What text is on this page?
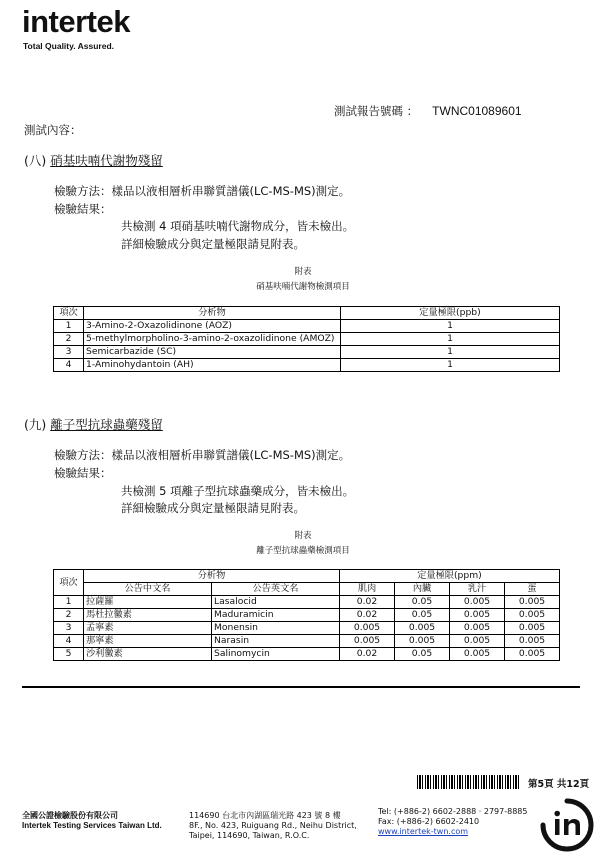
intertek
Total Quality. Assured.
測試報告號碼 ： TWNC01089601
測試內容：
(八) 硝基呋喃代謝物殘留
檢驗方法：樣品以液相層析串聯質譜儀(LC-MS-MS)測定。
檢驗結果：
共檢測 4 項硝基呋喃代謝物成分，皆未檢出。
詳細檢驗成分與定量極限請見附表。
附表
硝基呋喃代謝物檢測項目
項次	分析物	定量極限(ppb)
1	3-Amino-2-Oxazolidinone (AOZ)	1
2	5-methylmorpholino-3-amino-2-oxazolidinone (AMOZ)	1
3	Semicarbazide (SC)	1
4	1-Aminohydantoin (AH)	1
(九) 離子型抗球蟲藥殘留
檢驗方法：樣品以液相層析串聯質譜儀(LC-MS-MS)測定。
檢驗結果：
共檢測 5 項離子型抗球蟲藥成分，皆未檢出。
詳細檢驗成分與定量極限請見附表。
附表
離子型抗球蟲藥檢測項目
項次	分析物		定量極限(ppm)			
	公告中文名	公告英文名	肌肉	內臟	乳汁	蛋
1	拉薩羅	Lasalocid	0.02	0.05	0.005	0.005
2	馬杜拉黴素	Maduramicin	0.02	0.05	0.005	0.005
3	孟寧素	Monensin	0.005	0.005	0.005	0.005
4	那寧素	Narasin	0.005	0.005	0.005	0.005
5	沙利黴素	Salinomycin	0.02	0.05	0.005	0.005
第5頁 共12頁
全國公證檢驗股份有限公司
Intertek Testing Services Taiwan Ltd.
114690 台北市內湖區瑞光路 423 號 8 樓
8F., No. 423, Ruiguang Rd., Neihu District,
Taipei, 114690, Taiwan, R.O.C.
Tel: (+886-2) 6602-2888 · 2797-8885
Fax: (+886-2) 6602-2410
www.intertek-twn.com
